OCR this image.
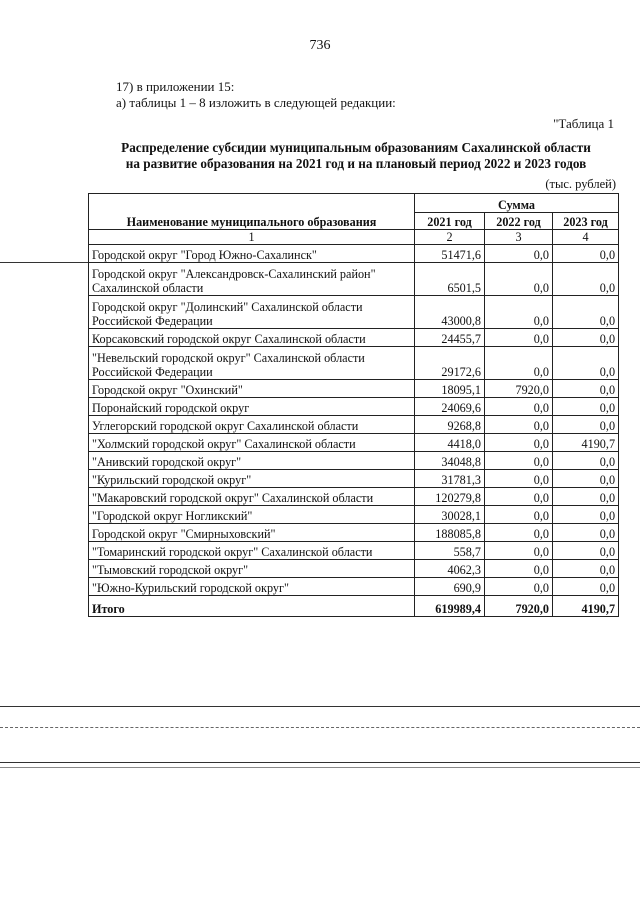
736
17) в приложении 15:
а) таблицы 1 – 8 изложить в следующей редакции:
"Таблица 1
Распределение субсидии муниципальным образованиям Сахалинской области
на развитие образования на 2021 год и на плановый период 2022 и 2023 годов
(тыс. рублей)
Наименование муниципального образования	Сумма		
	2021 год	2022 год	2023 год
1	2	3	4
Городской округ "Город Южно-Сахалинск"	51471,6	0,0	0,0
Городской округ "Александровск-Сахалинский район" Сахалинской области	6501,5	0,0	0,0
Городской округ "Долинский" Сахалинской области Российской Федерации	43000,8	0,0	0,0
Корсаковский городской округ Сахалинской области	24455,7	0,0	0,0
"Невельский городской округ" Сахалинской области Российской Федерации	29172,6	0,0	0,0
Городской округ "Охинский"	18095,1	7920,0	0,0
Поронайский городской округ	24069,6	0,0	0,0
Углегорский городской округ Сахалинской области	9268,8	0,0	0,0
"Холмский городской округ" Сахалинской области	4418,0	0,0	4190,7
"Анивский городской округ"	34048,8	0,0	0,0
"Курильский городской округ"	31781,3	0,0	0,0
"Макаровский городской округ" Сахалинской области	120279,8	0,0	0,0
"Городской округ Ногликский"	30028,1	0,0	0,0
Городской округ "Смирныховский"	188085,8	0,0	0,0
"Томаринский городской округ" Сахалинской области	558,7	0,0	0,0
"Тымовский городской округ"	4062,3	0,0	0,0
"Южно-Курильский городской округ"	690,9	0,0	0,0
Итого	619989,4	7920,0	4190,7
